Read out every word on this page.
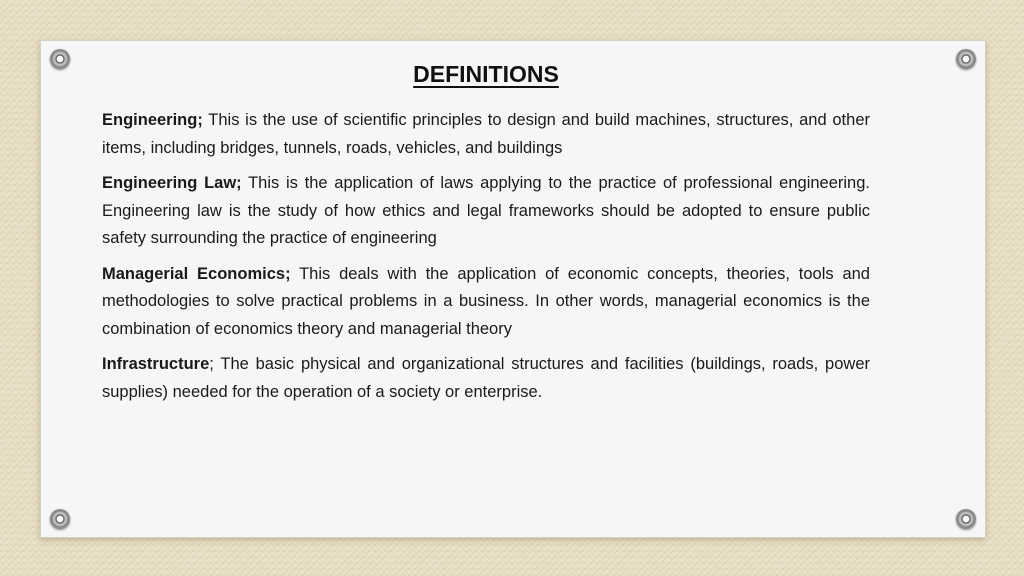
DEFINITIONS

Engineering; This is the use of scientific principles to design and build machines, structures, and other items, including bridges, tunnels, roads, vehicles, and buildings

Engineering Law; This is the application of laws applying to the practice of professional engineering. Engineering law is the study of how ethics and legal frameworks should be adopted to ensure public safety surrounding the practice of engineering

Managerial Economics; This deals with the application of economic concepts, theories, tools and methodologies to solve practical problems in a business. In other words, managerial economics is the combination of economics theory and managerial theory

Infrastructure; The basic physical and organizational structures and facilities (buildings, roads, power supplies) needed for the operation of a society or enterprise.
